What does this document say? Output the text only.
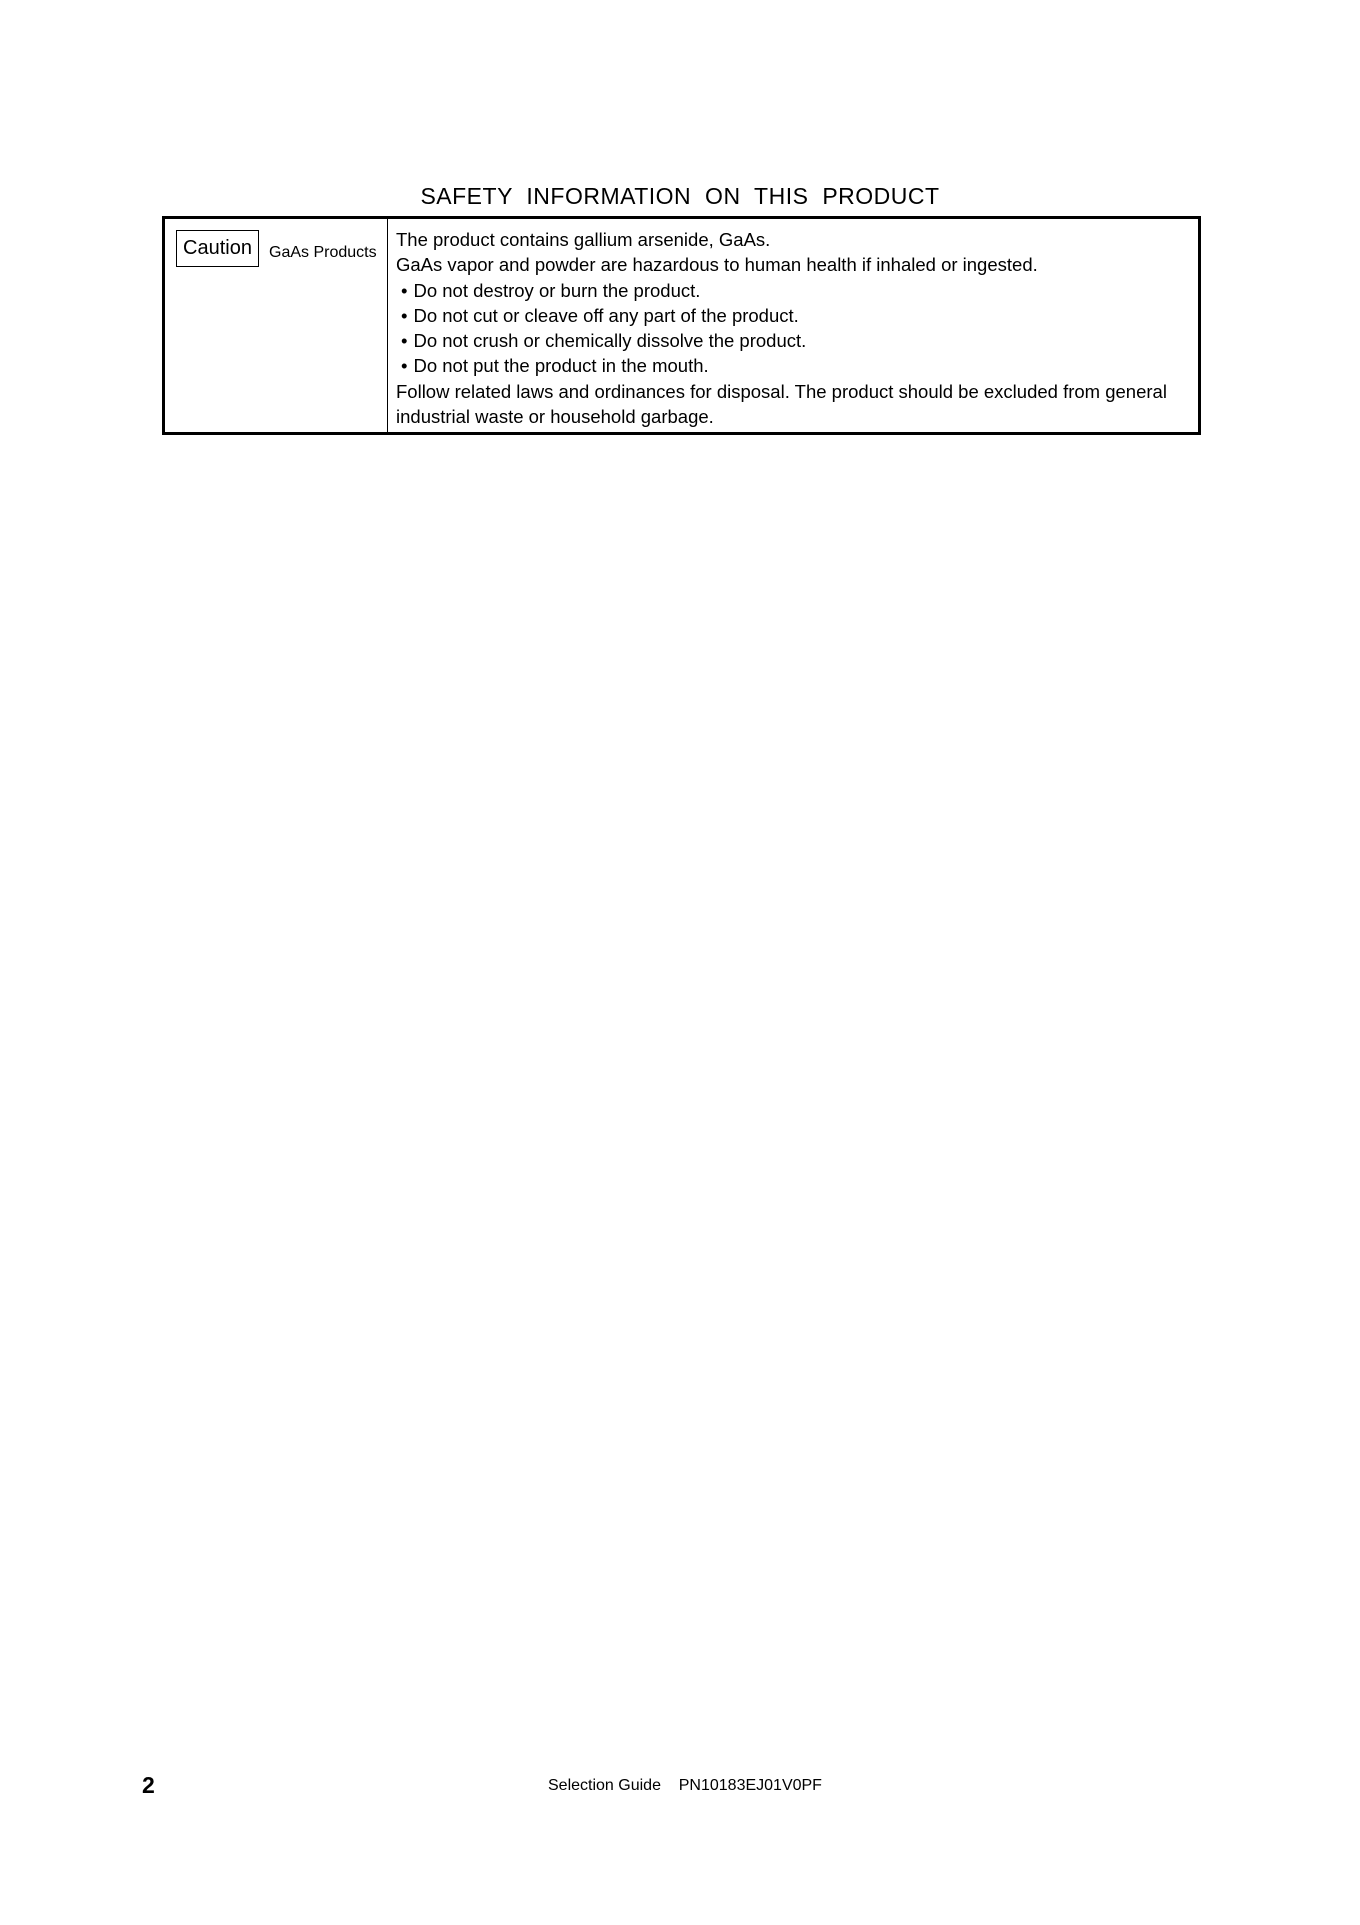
SAFETY INFORMATION ON THIS PRODUCT
Caution	GaAs Products
The product contains gallium arsenide, GaAs.
GaAs vapor and powder are hazardous to human health if inhaled or ingested.
• Do not destroy or burn the product.
• Do not cut or cleave off any part of the product.
• Do not crush or chemically dissolve the product.
• Do not put the product in the mouth.
Follow related laws and ordinances for disposal. The product should be excluded from general
industrial waste or household garbage.
2	Selection Guide PN10183EJ01V0PF
